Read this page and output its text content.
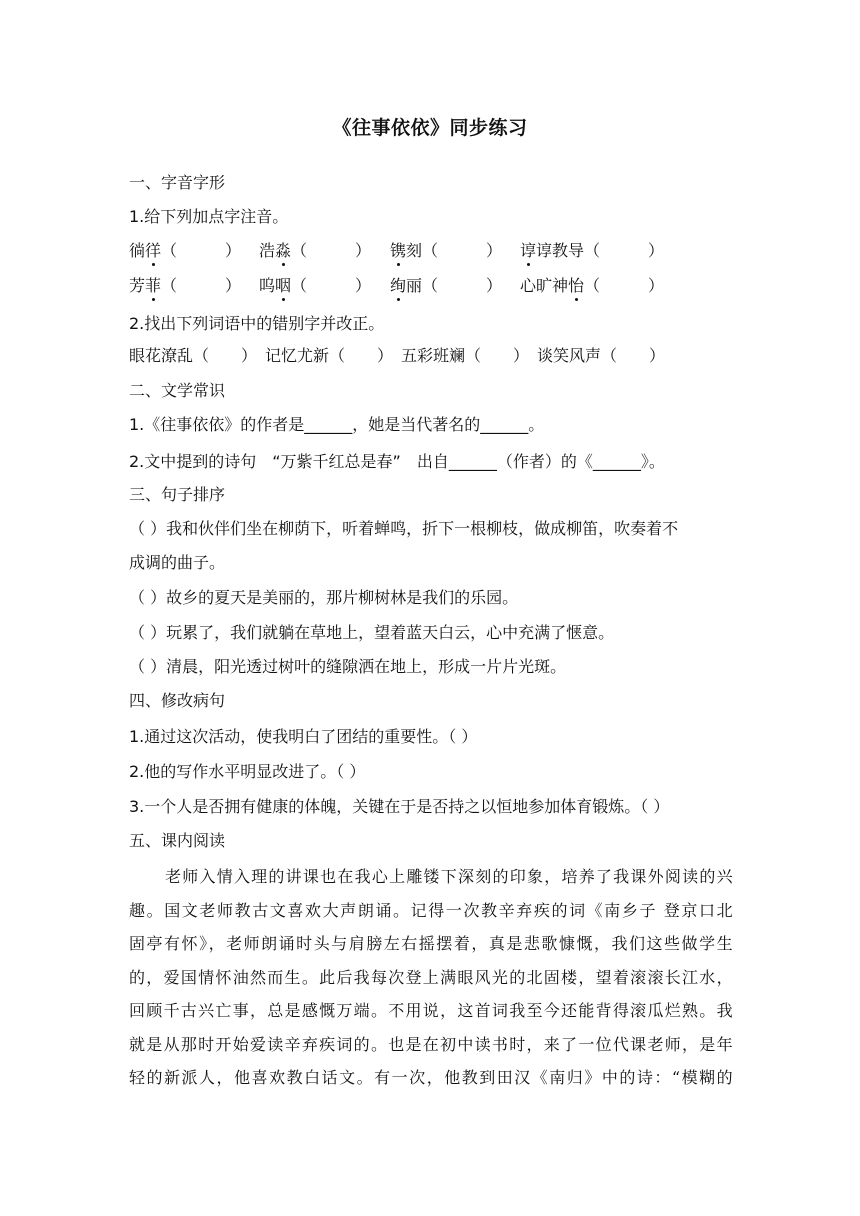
《往事依依》同步练习
一、字音字形
1.给下列加点字注音。
徜徉（　　　） 浩淼（　　　） 镌刻（　　　） 谆谆教导（　　　）
芳菲（　　　） 呜咽（　　　） 绚丽（　　　） 心旷神怡（　　　）
2.找出下列词语中的错别字并改正。
眼花潦乱（　　）　记忆尤新（　　）　五彩班斓（　　）　谈笑风声（　　）
二、文学常识
1.《往事依依》的作者是______，她是当代著名的______。
2.文中提到的诗句　“万紫千红总是春”　出自______（作者）的《______》。
三、句子排序
（ ）我和伙伴们坐在柳荫下，听着蝉鸣，折下一根柳枝，做成柳笛，吹奏着不
成调的曲子。
（ ）故乡的夏天是美丽的，那片柳树林是我们的乐园。
（ ）玩累了，我们就躺在草地上，望着蓝天白云，心中充满了惬意。
（ ）清晨，阳光透过树叶的缝隙洒在地上，形成一片片光斑。
四、修改病句
1.通过这次活动，使我明白了团结的重要性。（ ）
2.他的写作水平明显改进了。（ ）
3.一个人是否拥有健康的体魄，关键在于是否持之以恒地参加体育锻炼。（ ）
五、课内阅读
老师入情入理的讲课也在我心上雕镂下深刻的印象，培养了我课外阅读的兴
趣。国文老师教古文喜欢大声朗诵。记得一次教辛弃疾的词《南乡子 登京口北
固亭有怀》，老师朗诵时头与肩膀左右摇摆着，真是悲歌慷慨，我们这些做学生
的，爱国情怀油然而生。此后我每次登上满眼风光的北固楼，望着滚滚长江水，
回顾千古兴亡事，总是感慨万端。不用说，这首词我至今还能背得滚瓜烂熟。我
就是从那时开始爱读辛弃疾词的。也是在初中读书时，来了一位代课老师，是年
轻的新派人，他喜欢教白话文。有一次，他教到田汉《南归》中的诗：“模糊的
